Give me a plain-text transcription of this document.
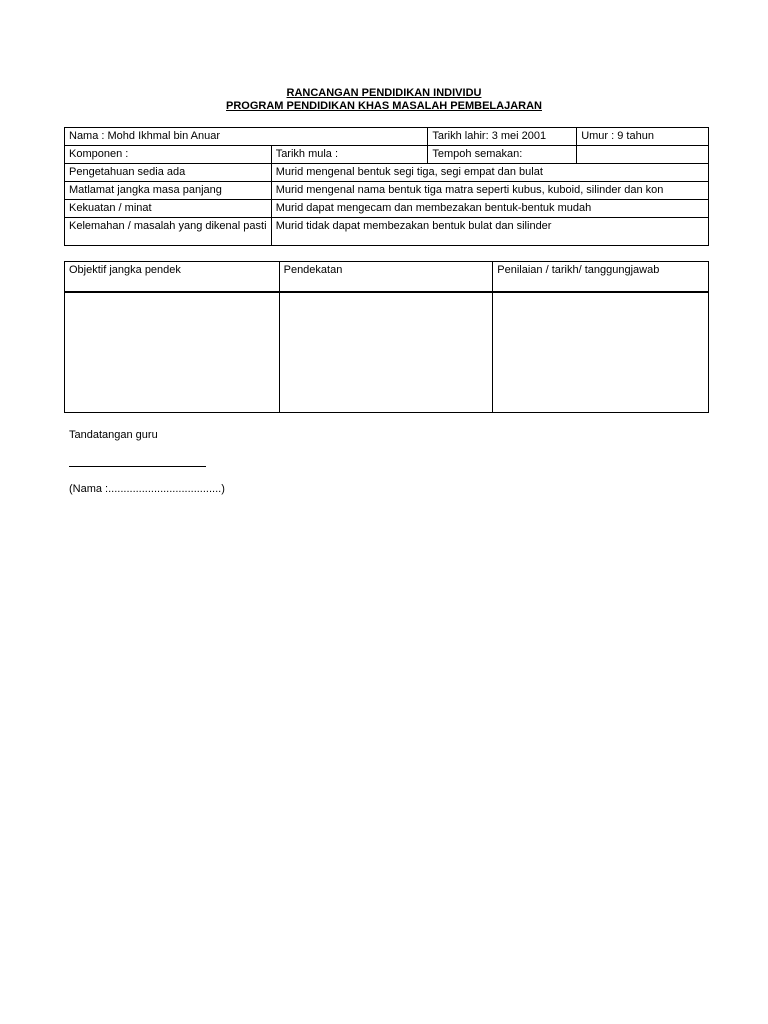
RANCANGAN PENDIDIKAN INDIVIDU
PROGRAM PENDIDIKAN KHAS MASALAH PEMBELAJARAN
Nama : Mohd Ikhmal bin Anuar		Tarikh lahir: 3 mei 2001	Umur : 9 tahun
Komponen :	Tarikh mula :	Tempoh semakan:	
Pengetahuan sedia ada	Murid mengenal bentuk segi tiga, segi empat dan bulat		
Matlamat jangka masa panjang	Murid mengenal nama bentuk tiga matra seperti kubus, kuboid, silinder dan kon		
Kekuatan / minat	Murid dapat mengecam dan membezakan bentuk-bentuk mudah		
Kelemahan / masalah yang dikenal pasti	Murid tidak dapat membezakan bentuk bulat dan silinder		
Objektif jangka pendek	Pendekatan	Penilaian / tarikh/ tanggungjawab

Tandatangan guru
(Nama :.....................................)
